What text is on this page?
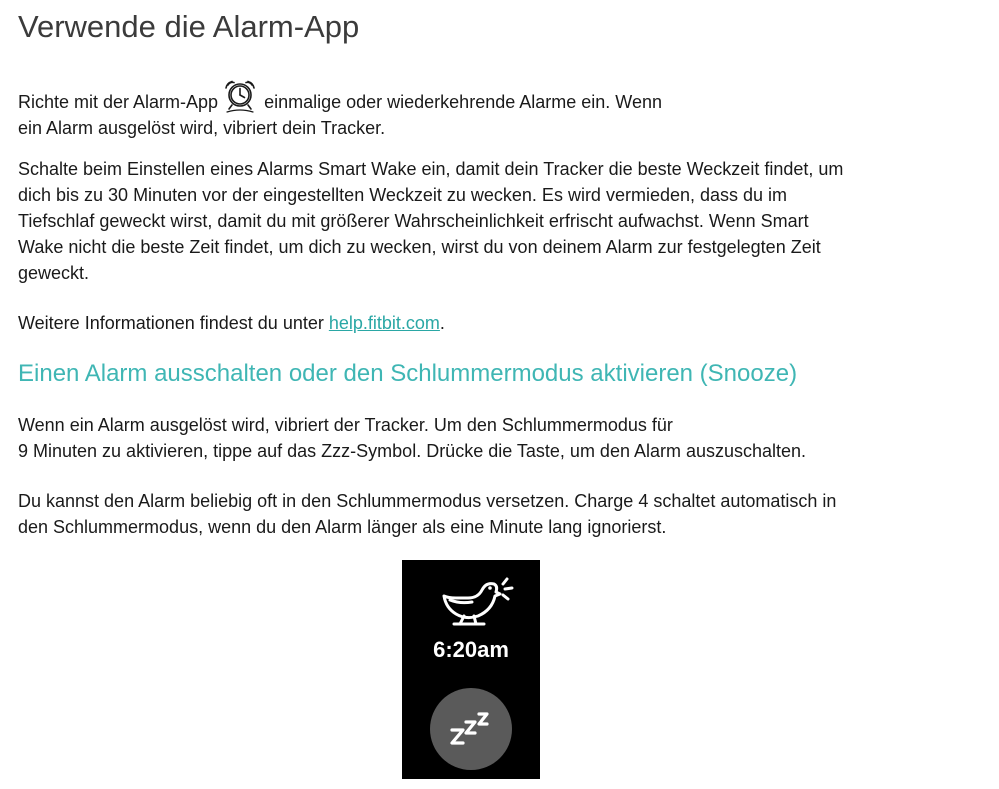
Verwende die Alarm-App

Richte mit der Alarm-App	einmalige oder wiederkehrende Alarme ein. Wenn
ein Alarm ausgelöst wird, vibriert dein Tracker.

Schalte beim Einstellen eines Alarms Smart Wake ein, damit dein Tracker die beste Weckzeit findet, um
dich bis zu 30 Minuten vor der eingestellten Weckzeit zu wecken. Es wird vermieden, dass du im
Tiefschlaf geweckt wirst, damit du mit größerer Wahrscheinlichkeit erfrischt aufwachst. Wenn Smart
Wake nicht die beste Zeit findet, um dich zu wecken, wirst du von deinem Alarm zur festgelegten Zeit
geweckt.

Weitere Informationen findest du unter help.fitbit.com.

Einen Alarm ausschalten oder den Schlummermodus aktivieren (Snooze)

Wenn ein Alarm ausgelöst wird, vibriert der Tracker. Um den Schlummermodus für
9 Minuten zu aktivieren, tippe auf das Zzz-Symbol. Drücke die Taste, um den Alarm auszuschalten.

Du kannst den Alarm beliebig oft in den Schlummermodus versetzen. Charge 4 schaltet automatisch in
den Schlummermodus, wenn du den Alarm länger als eine Minute lang ignorierst.

6:20am
